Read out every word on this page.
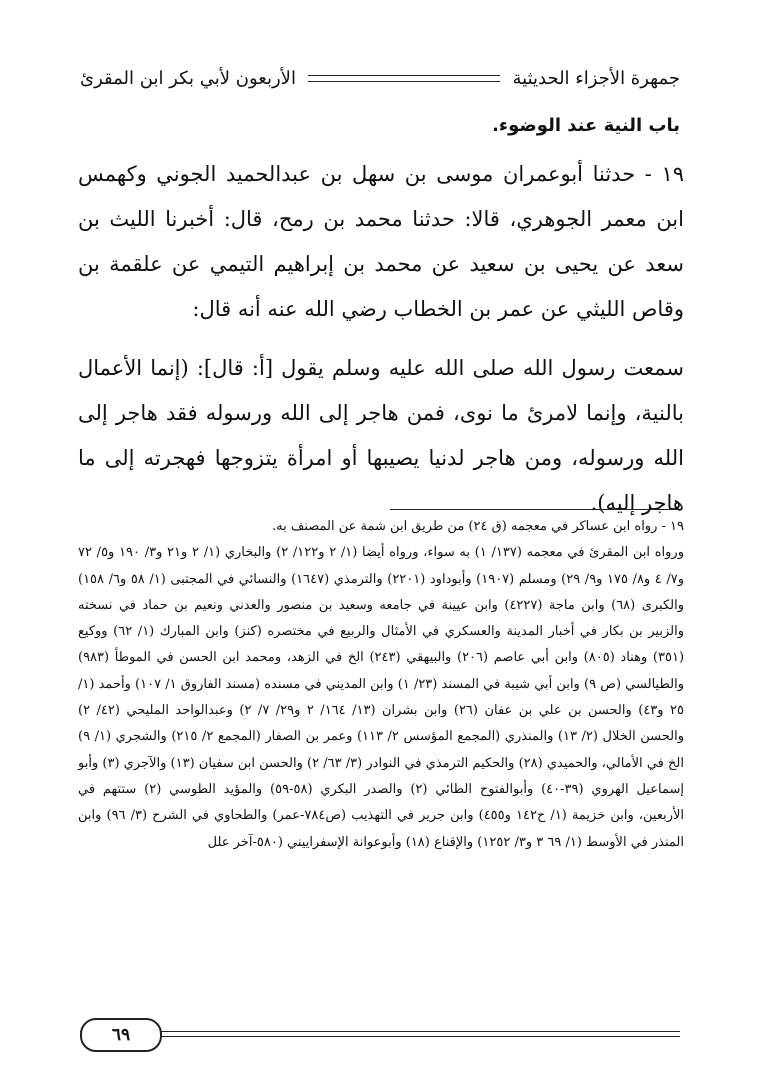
جمهرة الأجزاء الحديثية
الأربعون لأبي بكر ابن المقرئ
باب النية عند الوضوء.

١٩ - حدثنا أبوعمران موسى بن سهل بن عبدالحميد الجوني وكهمس ابن معمر الجوهري، قالا: حدثنا محمد بن رمح، قال: أخبرنا الليث بن سعد عن يحيى بن سعيد عن محمد بن إبراهيم التيمي عن علقمة بن وقاص الليثي عن عمر بن الخطاب رضي الله عنه أنه قال:

سمعت رسول الله صلى الله عليه وسلم يقول [أ: قال]: (إنما الأعمال بالنية، وإنما لامرئ ما نوى، فمن هاجر إلى الله ورسوله فقد هاجر إلى الله ورسوله، ومن هاجر لدنيا يصيبها أو امرأة يتزوجها فهجرته إلى ما هاجر إليه).

١٩ - رواه ابن عساكر في معجمه (ق ٢٤) من طريق ابن شمة عن المصنف به.

ورواه ابن المقرئ في معجمه (١٣٧/ ١) به سواء، ورواه أيضا (١/ ٢ و١٢٢/ ٢) والبخاري (١/ ٢ و٢١ و٣/ ١٩٠ و٥/ ٧٢ و٧/ ٤ و٨/ ١٧٥ و٩/ ٢٩) ومسلم (١٩٠٧) وأبوداود (٢٢٠١) والترمذي (١٦٤٧) والنسائي في المجتبى (١/ ٥٨ و٦/ ١٥٨) والكبرى (٦٨) وابن ماجة (٤٢٢٧) وابن عيينة في جامعه وسعيد بن منصور والعدني ونعيم بن حماد في نسخته والزبير بن بكار في أخبار المدينة والعسكري في الأمثال والربيع في مختصره (كنز) وابن المبارك (١/ ٦٢) ووكيع (٣٥١) وهناد (٨٠٥) وابن أبي عاصم (٢٠٦) والبيهقي (٢٤٣) الخ في الزهد، ومحمد ابن الحسن في الموطأ (٩٨٣) والطيالسي (ص ٩) وابن أبي شيبة في المسند (٢٣/ ١) وابن المديني في مسنده (مسند الفاروق ١/ ١٠٧) وأحمد (١/ ٢٥ و٤٣) والحسن بن علي بن عفان (٢٦) وابن بشران (١٣/ ١٦٤/ ٢ و٢٩/ ٧/ ٢) وعبدالواحد المليحي (٤٢/ ٢) والحسن الخلال (٢/ ١٣) والمنذري (المجمع المؤسس ٢/ ١١٣) وعمر بن الصفار (المجمع ٢/ ٢١٥) والشجري (١/ ٩) الخ في الأمالي، والحميدي (٢٨) والحكيم الترمذي في النوادر (٣/ ٦٣/ ٢) والحسن ابن سفيان (١٣) والآجري (٣) وأبو إسماعيل الهروي (٣٩-٤٠) وأبوالفتوح الطائي (٢) والصدر البكري (٥٨-٥٩) والمؤيد الطوسي (٢) ستتهم في الأربعين، وابن خزيمة (١/ ح١٤٢ و٤٥٥) وابن جرير في التهذيب (ص٧٨٤-عمر) والطحاوي في الشرح (٣/ ٩٦) وابن المنذر في الأوسط (١/ ٦٩ ٣ و٣/ ١٢٥٢) والإقناع (١٨) وأبوعوانة الإسفراييني (٥٨٠-آخر علل

٦٩
